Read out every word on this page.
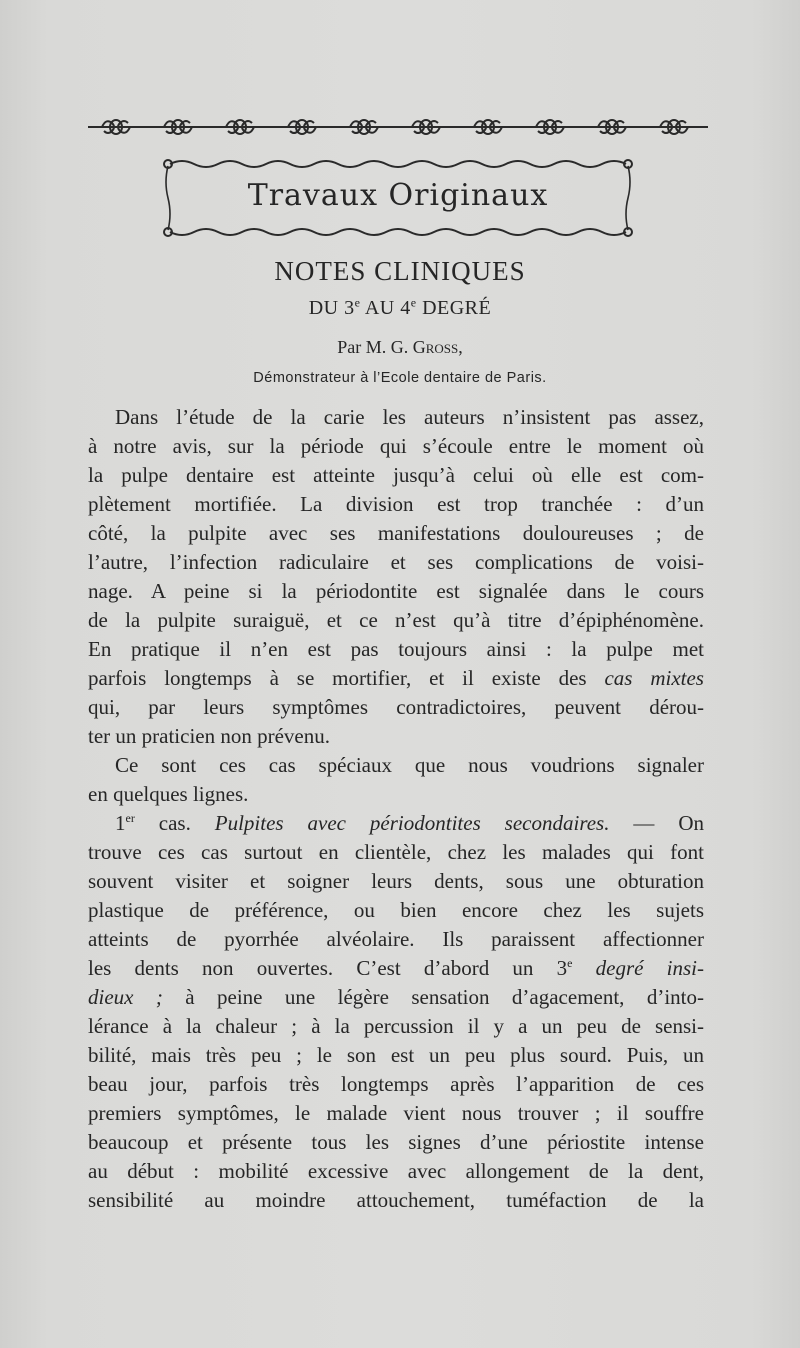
Travaux Originaux
NOTES CLINIQUES
DU 3e AU 4e DEGRÉ
Par M. G. Gross,
Démonstrateur à l’Ecole dentaire de Paris.
Dans l’étude de la carie les auteurs n’insistent pas assez,
à notre avis, sur la période qui s’écoule entre le moment où
la pulpe dentaire est atteinte jusqu’à celui où elle est com-
plètement mortifiée. La division est trop tranchée : d’un
côté, la pulpite avec ses manifestations douloureuses ; de
l’autre, l’infection radiculaire et ses complications de voisi-
nage. A peine si la périodontite est signalée dans le cours
de la pulpite suraiguë, et ce n’est qu’à titre d’épiphénomène.
En pratique il n’en est pas toujours ainsi : la pulpe met
parfois longtemps à se mortifier, et il existe des cas mixtes
qui, par leurs symptômes contradictoires, peuvent dérou-
ter un praticien non prévenu.
Ce sont ces cas spéciaux que nous voudrions signaler
en quelques lignes.
1er cas. Pulpites avec périodontites secondaires. — On
trouve ces cas surtout en clientèle, chez les malades qui font
souvent visiter et soigner leurs dents, sous une obturation
plastique de préférence, ou bien encore chez les sujets
atteints de pyorrhée alvéolaire. Ils paraissent affectionner
les dents non ouvertes. C’est d’abord un 3e degré insi-
dieux ; à peine une légère sensation d’agacement, d’into-
lérance à la chaleur ; à la percussion il y a un peu de sensi-
bilité, mais très peu ; le son est un peu plus sourd. Puis, un
beau jour, parfois très longtemps après l’apparition de ces
premiers symptômes, le malade vient nous trouver ; il souffre
beaucoup et présente tous les signes d’une périostite intense
au début : mobilité excessive avec allongement de la dent,
sensibilité au moindre attouchement, tuméfaction de la
